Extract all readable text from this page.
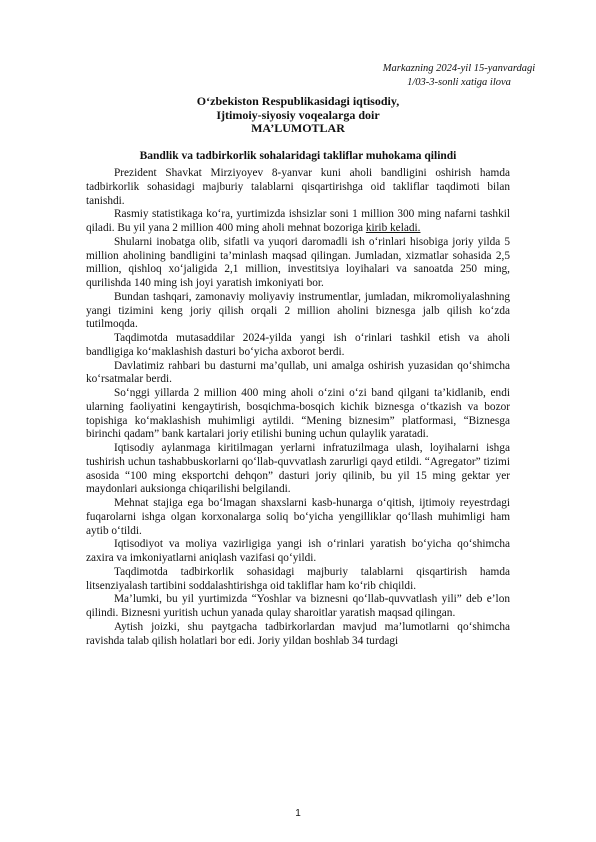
Markazning 2024-yil 15-yanvardagi
1/03-3-sonli xatiga ilova
O‘zbekiston Respublikasidagi iqtisodiy,
Ijtimoiy-siyosiy voqealarga doir
MA’LUMOTLAR
Bandlik va tadbirkorlik sohalaridagi takliflar muhokama qilindi

Prezident Shavkat Mirziyoyev 8-yanvar kuni aholi bandligini oshirish hamda tadbirkorlik sohasidagi majburiy talablarni qisqartirishga oid takliflar taqdimoti bilan tanishdi.

Rasmiy statistikaga ko‘ra, yurtimizda ishsizlar soni 1 million 300 ming nafarni tashkil qiladi. Bu yil yana 2 million 400 ming aholi mehnat bozoriga kirib keladi.

Shularni inobatga olib, sifatli va yuqori daromadli ish o‘rinlari hisobiga joriy yilda 5 million aholining bandligini ta’minlash maqsad qilingan. Jumladan, xizmatlar sohasida 2,5 million, qishloq xo‘jaligida 2,1 million, investitsiya loyihalari va sanoatda 250 ming, qurilishda 140 ming ish joyi yaratish imkoniyati bor.

Bundan tashqari, zamonaviy moliyaviy instrumentlar, jumladan, mikromoliyalashning yangi tizimini keng joriy qilish orqali 2 million aholini biznesga jalb qilish ko‘zda tutilmoqda.

Taqdimotda mutasaddilar 2024-yilda yangi ish o‘rinlari tashkil etish va aholi bandligiga ko‘maklashish dasturi bo‘yicha axborot berdi.

Davlatimiz rahbari bu dasturni ma’qullab, uni amalga oshirish yuzasidan qo‘shimcha ko‘rsatmalar berdi.

So‘nggi yillarda 2 million 400 ming aholi o‘zini o‘zi band qilgani ta’kidlanib, endi ularning faoliyatini kengaytirish, bosqichma-bosqich kichik biznesga o‘tkazish va bozor topishiga ko‘maklashish muhimligi aytildi. “Mening biznesim” platformasi, “Biznesga birinchi qadam” bank kartalari joriy etilishi buning uchun qulaylik yaratadi.

Iqtisodiy aylanmaga kiritilmagan yerlarni infratuzilmaga ulash, loyihalarni ishga tushirish uchun tashabbuskorlarni qo‘llab-quvvatlash zarurligi qayd etildi. “Agregator” tizimi asosida “100 ming eksportchi dehqon” dasturi joriy qilinib, bu yil 15 ming gektar yer maydonlari auksionga chiqarilishi belgilandi.

Mehnat stajiga ega bo‘lmagan shaxslarni kasb-hunarga o‘qitish, ijtimoiy reyestrdagi fuqarolarni ishga olgan korxonalarga soliq bo‘yicha yengilliklar qo‘llash muhimligi ham aytib o‘tildi.

Iqtisodiyot va moliya vazirligiga yangi ish o‘rinlari yaratish bo‘yicha qo‘shimcha zaxira va imkoniyatlarni aniqlash vazifasi qo‘yildi.

Taqdimotda tadbirkorlik sohasidagi majburiy talablarni qisqartirish hamda litsenziyalash tartibini soddalashtirishga oid takliflar ham ko‘rib chiqildi.

Ma’lumki, bu yil yurtimizda “Yoshlar va biznesni qo‘llab-quvvatlash yili” deb e’lon qilindi. Biznesni yuritish uchun yanada qulay sharoitlar yaratish maqsad qilingan.

Aytish joizki, shu paytgacha tadbirkorlardan mavjud ma’lumotlarni qo‘shimcha ravishda talab qilish holatlari bor edi. Joriy yildan boshlab 34 turdagi

1
